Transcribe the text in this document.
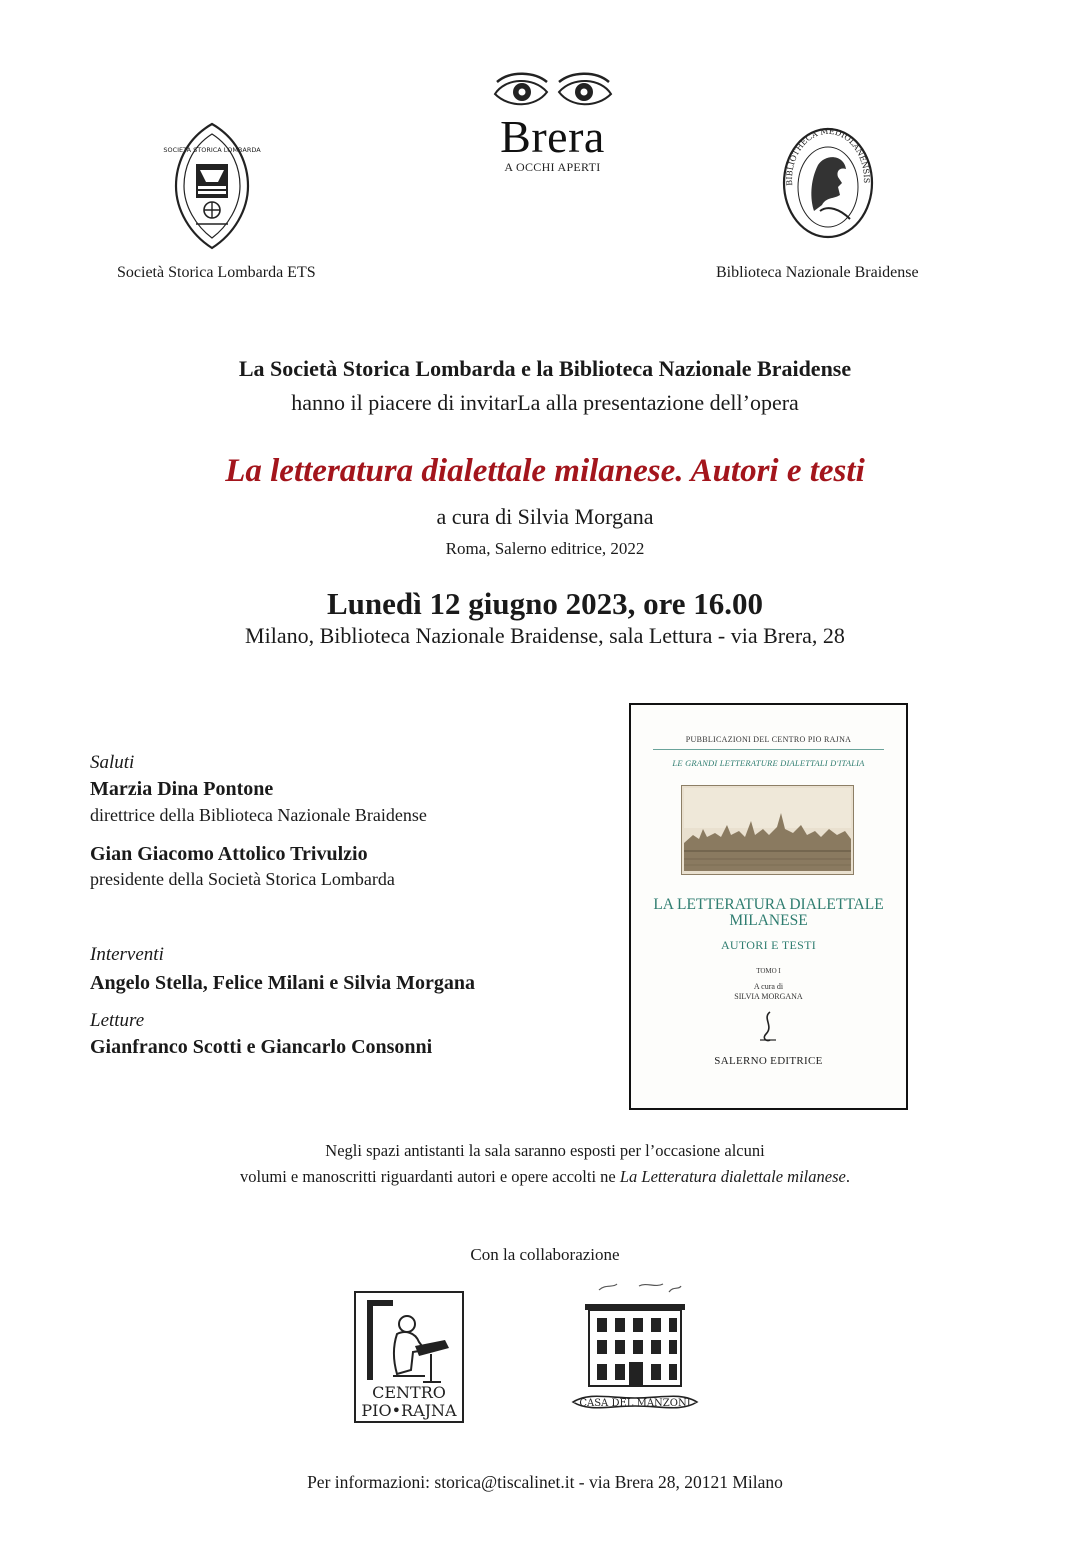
SOCIETÀ STORICA LOMBARDA	Brera
A OCCHI APERTI
BIBLIOTHECA MEDIOLANENSIS
Società Storica Lombarda ETS	Biblioteca Nazionale Braidense
La Società Storica Lombarda e la Biblioteca Nazionale Braidense
hanno il piacere di invitarLa alla presentazione dell’opera
La letteratura dialettale milanese. Autori e testi
a cura di Silvia Morgana
Roma, Salerno editrice, 2022
Lunedì 12 giugno 2023, ore 16.00
Milano, Biblioteca Nazionale Braidense, sala Lettura - via Brera, 28
Saluti
Marzia Dina Pontone
direttrice della Biblioteca Nazionale Braidense
Gian Giacomo Attolico Trivulzio
presidente della Società Storica Lombarda
Interventi
Angelo Stella, Felice Milani e Silvia Morgana
Letture
Gianfranco Scotti e Giancarlo Consonni
PUBBLICAZIONI DEL CENTRO PIO RAJNA
LE GRANDI LETTERATURE DIALETTALI D'ITALIA
LA LETTERATURA DIALETTALE
MILANESE
AUTORI E TESTI
TOMO I
A cura di
SILVIA MORGANA
SALERNO EDITRICE
Negli spazi antistanti la sala saranno esposti per l’occasione alcuni
volumi e manoscritti riguardanti autori e opere accolti ne La Letteratura dialettale milanese.
Con la collaborazione
CENTRO
PIO•RAJNA	CASA DEL MANZONI
Per informazioni: storica@tiscalinet.it - via Brera 28, 20121 Milano
